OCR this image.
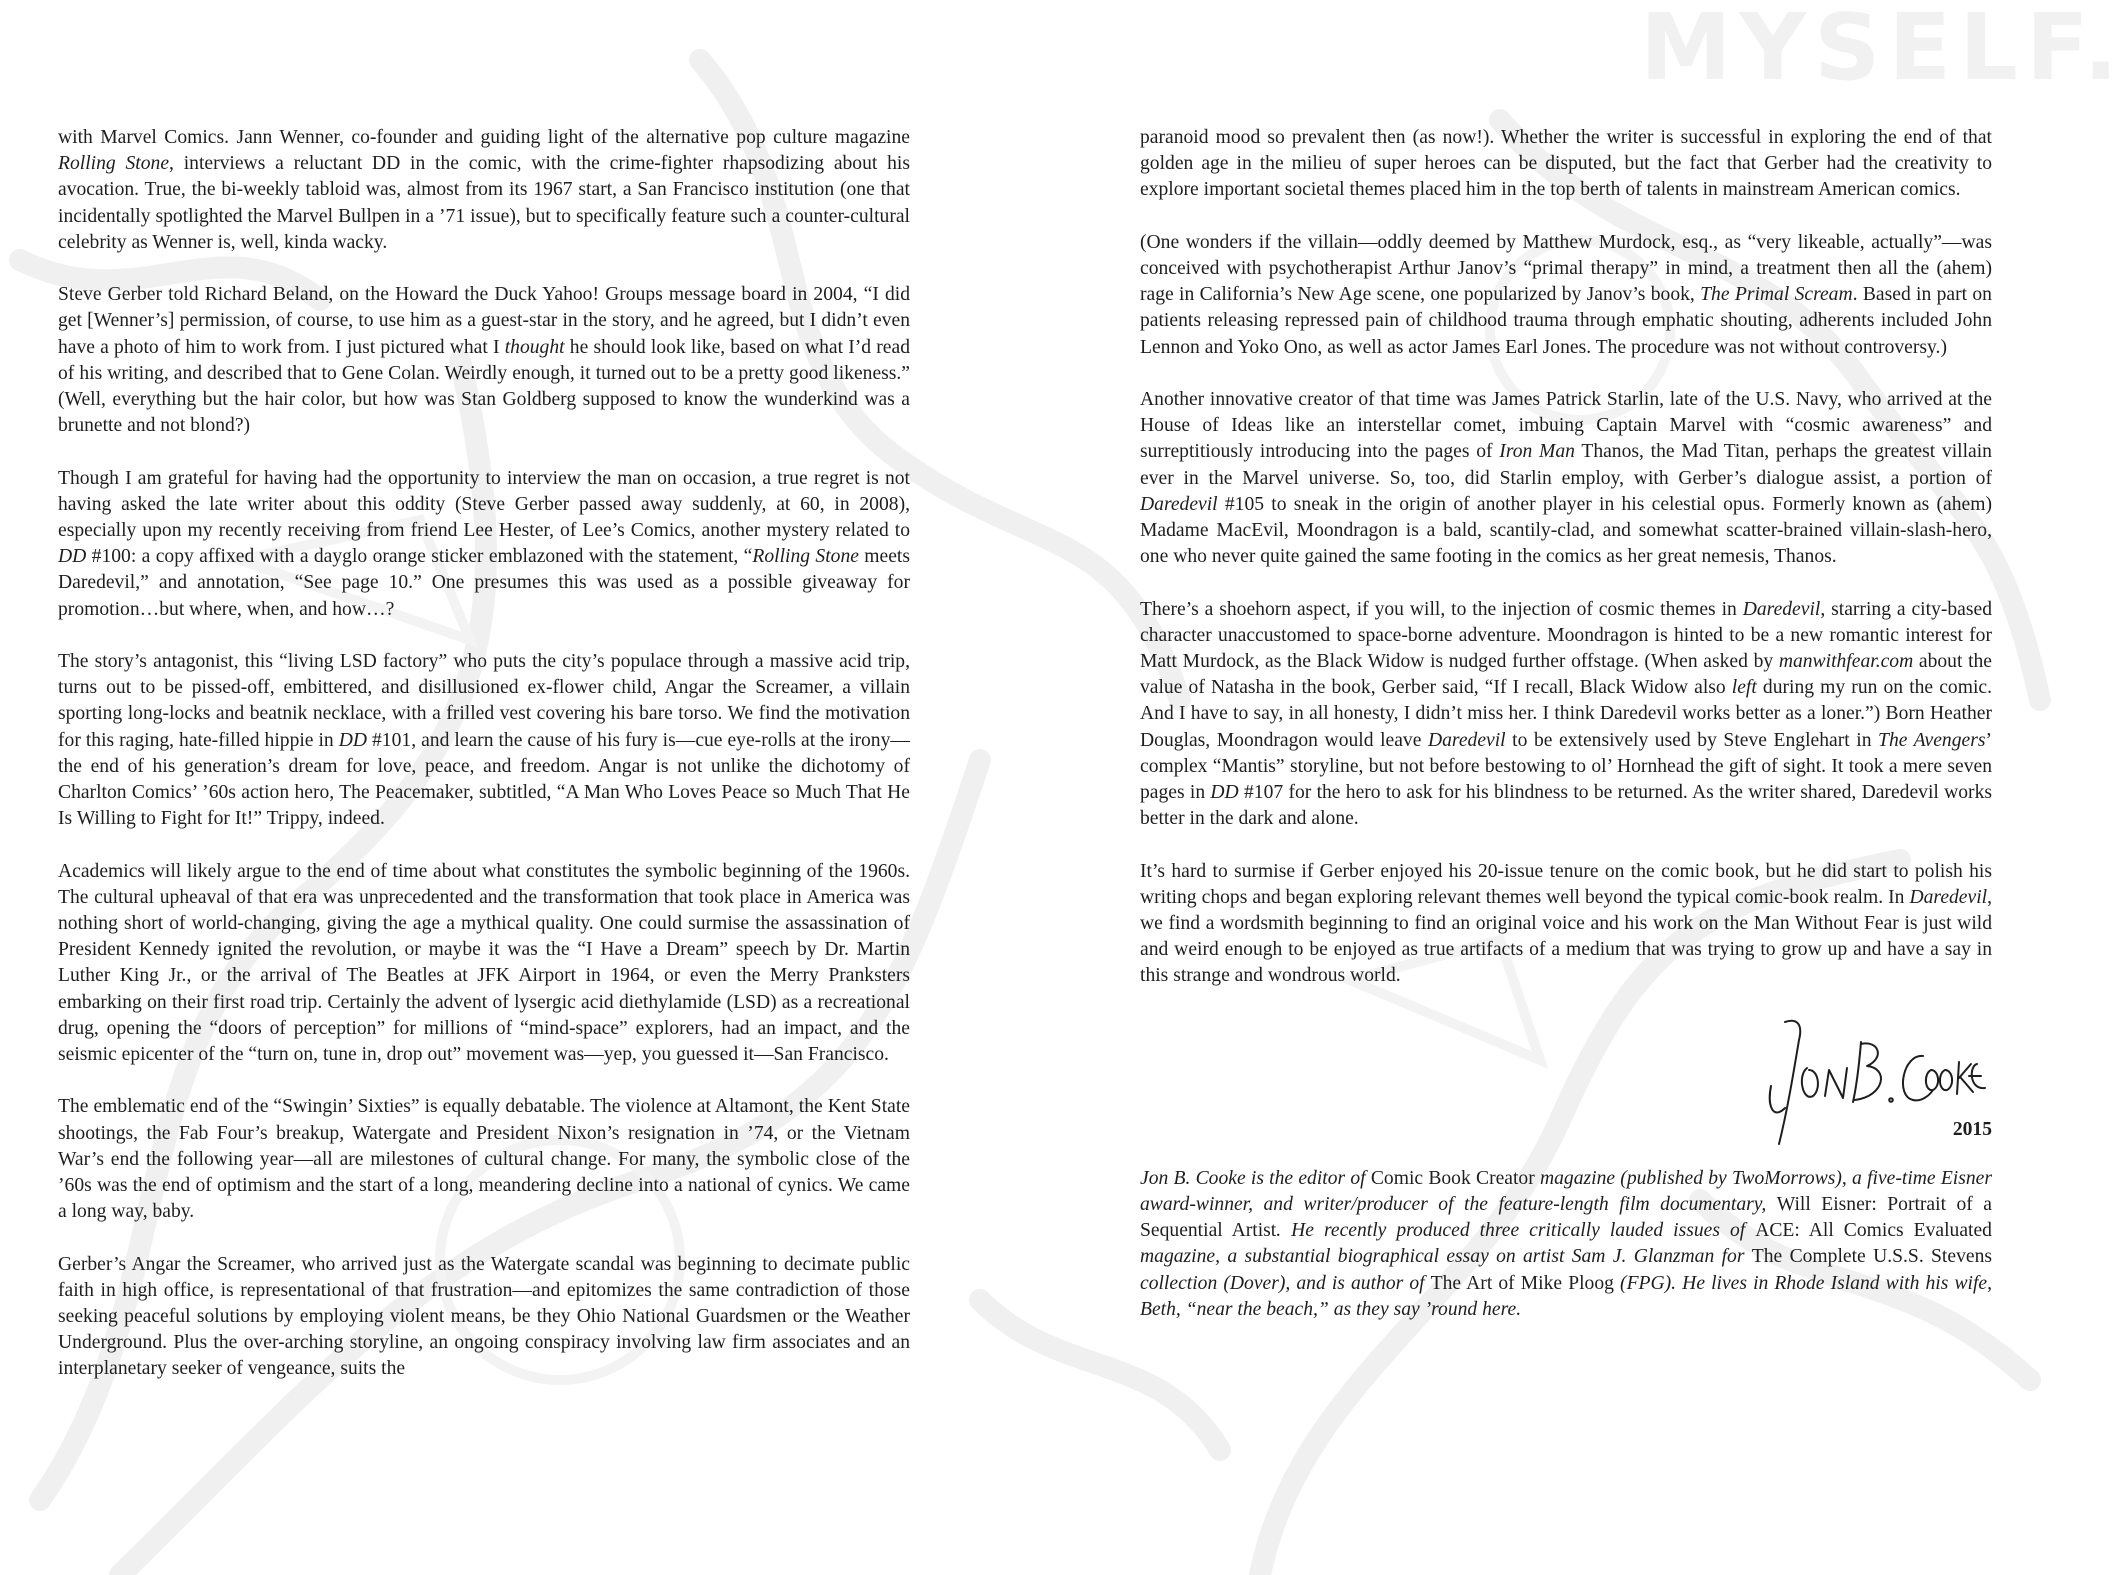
MYSELF.

with Marvel Comics. Jann Wenner, co-founder and guiding light of the alternative pop culture magazine Rolling Stone, interviews a reluctant DD in the comic, with the crime-fighter rhapsodizing about his avocation. True, the bi-weekly tabloid was, almost from its 1967 start, a San Francisco institution (one that incidentally spotlighted the Marvel Bullpen in a ’71 issue), but to specifically feature such a counter-cultural celebrity as Wenner is, well, kinda wacky.

Steve Gerber told Richard Beland, on the Howard the Duck Yahoo! Groups message board in 2004, “I did get [Wenner’s] permission, of course, to use him as a guest-star in the story, and he agreed, but I didn’t even have a photo of him to work from. I just pictured what I thought he should look like, based on what I’d read of his writing, and described that to Gene Colan. Weirdly enough, it turned out to be a pretty good likeness.” (Well, everything but the hair color, but how was Stan Goldberg supposed to know the wunderkind was a brunette and not blond?)

Though I am grateful for having had the opportunity to interview the man on occasion, a true regret is not having asked the late writer about this oddity (Steve Gerber passed away suddenly, at 60, in 2008), especially upon my recently receiving from friend Lee Hester, of Lee’s Comics, another mystery related to DD #100: a copy affixed with a dayglo orange sticker emblazoned with the statement, “Rolling Stone meets Daredevil,” and annotation, “See page 10.” One presumes this was used as a possible giveaway for promotion…but where, when, and how…?

The story’s antagonist, this “living LSD factory” who puts the city’s populace through a massive acid trip, turns out to be pissed-off, embittered, and disillusioned ex-flower child, Angar the Screamer, a villain sporting long-locks and beatnik necklace, with a frilled vest covering his bare torso. We find the motivation for this raging, hate-filled hippie in DD #101, and learn the cause of his fury is—cue eye-rolls at the irony—the end of his generation’s dream for love, peace, and freedom. Angar is not unlike the dichotomy of Charlton Comics’ ’60s action hero, The Peacemaker, subtitled, “A Man Who Loves Peace so Much That He Is Willing to Fight for It!” Trippy, indeed.

Academics will likely argue to the end of time about what constitutes the symbolic beginning of the 1960s. The cultural upheaval of that era was unprecedented and the transformation that took place in America was nothing short of world-changing, giving the age a mythical quality. One could surmise the assassination of President Kennedy ignited the revolution, or maybe it was the “I Have a Dream” speech by Dr. Martin Luther King Jr., or the arrival of The Beatles at JFK Airport in 1964, or even the Merry Pranksters embarking on their first road trip. Certainly the advent of lysergic acid diethylamide (LSD) as a recreational drug, opening the “doors of perception” for millions of “mind-space” explorers, had an impact, and the seismic epicenter of the “turn on, tune in, drop out” movement was—yep, you guessed it—San Francisco.

The emblematic end of the “Swingin’ Sixties” is equally debatable. The violence at Altamont, the Kent State shootings, the Fab Four’s breakup, Watergate and President Nixon’s resignation in ’74, or the Vietnam War’s end the following year—all are milestones of cultural change. For many, the symbolic close of the ’60s was the end of optimism and the start of a long, meandering decline into a national of cynics. We came a long way, baby.

Gerber’s Angar the Screamer, who arrived just as the Watergate scandal was beginning to decimate public faith in high office, is representational of that frustration—and epitomizes the same contradiction of those seeking peaceful solutions by employing violent means, be they Ohio National Guardsmen or the Weather Underground. Plus the over-arching storyline, an ongoing conspiracy involving law firm associates and an interplanetary seeker of vengeance, suits the

paranoid mood so prevalent then (as now!). Whether the writer is successful in exploring the end of that golden age in the milieu of super heroes can be disputed, but the fact that Gerber had the creativity to explore important societal themes placed him in the top berth of talents in mainstream American comics.

(One wonders if the villain—oddly deemed by Matthew Murdock, esq., as “very likeable, actually”—was conceived with psychotherapist Arthur Janov’s “primal therapy” in mind, a treatment then all the (ahem) rage in California’s New Age scene, one popularized by Janov’s book, The Primal Scream. Based in part on patients releasing repressed pain of childhood trauma through emphatic shouting, adherents included John Lennon and Yoko Ono, as well as actor James Earl Jones. The procedure was not without controversy.)

Another innovative creator of that time was James Patrick Starlin, late of the U.S. Navy, who arrived at the House of Ideas like an interstellar comet, imbuing Captain Marvel with “cosmic awareness” and surreptitiously introducing into the pages of Iron Man Thanos, the Mad Titan, perhaps the greatest villain ever in the Marvel universe. So, too, did Starlin employ, with Gerber’s dialogue assist, a portion of Daredevil #105 to sneak in the origin of another player in his celestial opus. Formerly known as (ahem) Madame MacEvil, Moondragon is a bald, scantily-clad, and somewhat scatter-brained villain-slash-hero, one who never quite gained the same footing in the comics as her great nemesis, Thanos.

There’s a shoehorn aspect, if you will, to the injection of cosmic themes in Daredevil, starring a city-based character unaccustomed to space-borne adventure. Moondragon is hinted to be a new romantic interest for Matt Murdock, as the Black Widow is nudged further offstage. (When asked by manwithfear.com about the value of Natasha in the book, Gerber said, “If I recall, Black Widow also left during my run on the comic. And I have to say, in all honesty, I didn’t miss her. I think Daredevil works better as a loner.”) Born Heather Douglas, Moondragon would leave Daredevil to be extensively used by Steve Englehart in The Avengers’ complex “Mantis” storyline, but not before bestowing to ol’ Hornhead the gift of sight. It took a mere seven pages in DD #107 for the hero to ask for his blindness to be returned. As the writer shared, Daredevil works better in the dark and alone.

It’s hard to surmise if Gerber enjoyed his 20-issue tenure on the comic book, but he did start to polish his writing chops and began exploring relevant themes well beyond the typical comic-book realm. In Daredevil, we find a wordsmith beginning to find an original voice and his work on the Man Without Fear is just wild and weird enough to be enjoyed as true artifacts of a medium that was trying to grow up and have a say in this strange and wondrous world.

2015

Jon B. Cooke is the editor of Comic Book Creator magazine (published by TwoMorrows), a five-time Eisner award-winner, and writer/producer of the feature-length film documentary, Will Eisner: Portrait of a Sequential Artist. He recently produced three critically lauded issues of ACE: All Comics Evaluated magazine, a substantial biographical essay on artist Sam J. Glanzman for The Complete U.S.S. Stevens collection (Dover), and is author of The Art of Mike Ploog (FPG). He lives in Rhode Island with his wife, Beth, “near the beach,” as they say ’round here.
